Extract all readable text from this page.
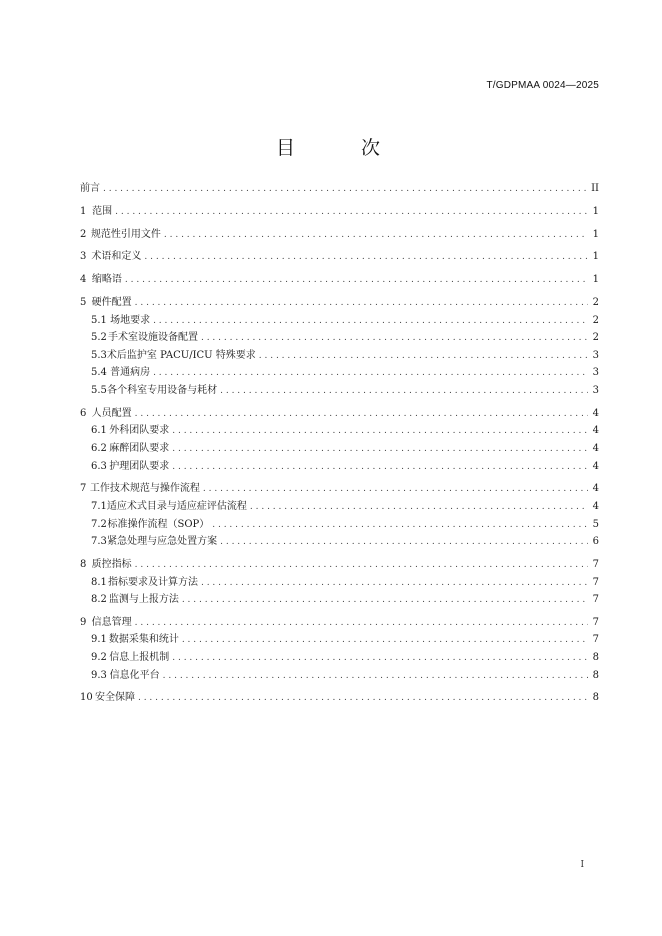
T/GDPMAA 0024—2025
目 次
前言 . . .	II
1 范围 . . .	1
2 规范性引用文件 . . .	1
3 术语和定义 . . .	1
4 缩略语 . . .	1
5 硬件配置 . . .	2
5.1 场地要求 . . .	2
5.2 手术室设施设备配置 . . .	2
5.3 术后监护室 PACU/ICU 特殊要求 . . .	3
5.4 普通病房 . . .	3
5.5 各个科室专用设备与耗材 . . .	3
6 人员配置 . . .	4
6.1 外科团队要求 . . .	4
6.2 麻醉团队要求 . . .	4
6.3 护理团队要求 . . .	4
7 工作技术规范与操作流程 . . .	4
7.1 适应术式目录与适应症评估流程 . . .	4
7.2 标准操作流程（SOP） . . .	5
7.3 紧急处理与应急处置方案 . . .	6
8 质控指标 . . .	7
8.1 指标要求及计算方法 . . .	7
8.2 监测与上报方法 . . .	7
9 信息管理 . . .	7
9.1 数据采集和统计 . . .	7
9.2 信息上报机制 . . .	8
9.3 信息化平台 . . .	8
10 安全保障 . . .	8
I
